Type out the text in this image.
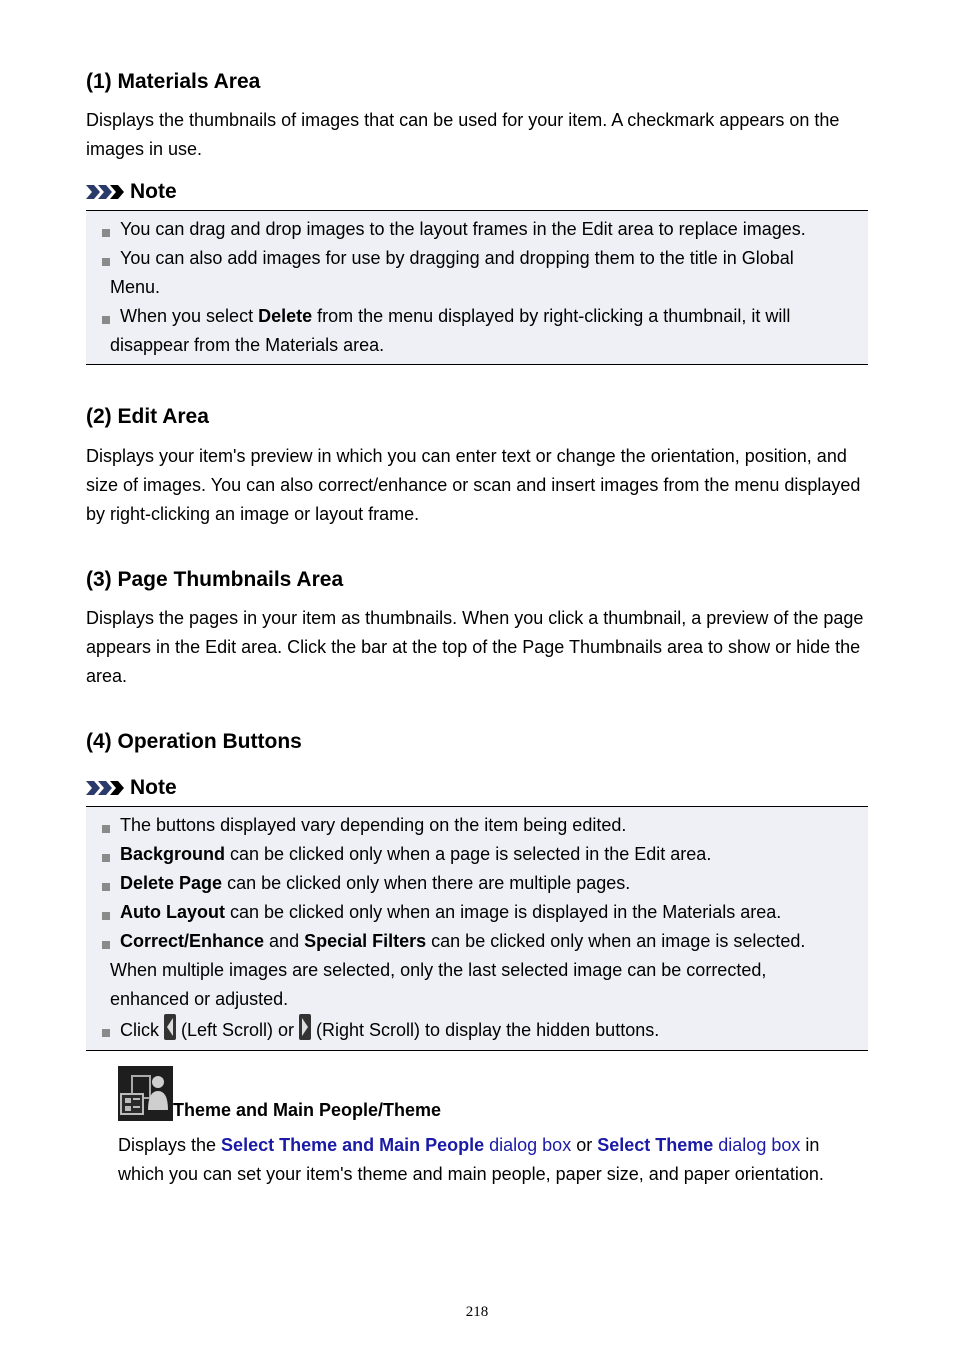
(1) Materials Area

Displays the thumbnails of images that can be used for your item. A checkmark appears on the images in use.

Note

You can drag and drop images to the layout frames in the Edit area to replace images.

You can also add images for use by dragging and dropping them to the title in Global
Menu.

When you select Delete from the menu displayed by right-clicking a thumbnail, it will
disappear from the Materials area.

(2) Edit Area

Displays your item's preview in which you can enter text or change the orientation, position, and size of images. You can also correct/enhance or scan and insert images from the menu displayed by right-clicking an image or layout frame.

(3) Page Thumbnails Area

Displays the pages in your item as thumbnails. When you click a thumbnail, a preview of the page appears in the Edit area. Click the bar at the top of the Page Thumbnails area to show or hide the area.

(4) Operation Buttons
Note

The buttons displayed vary depending on the item being edited.

Background can be clicked only when a page is selected in the Edit area.

Delete Page can be clicked only when there are multiple pages.

Auto Layout can be clicked only when an image is displayed in the Materials area.

Correct/Enhance and Special Filters can be clicked only when an image is selected.
When multiple images are selected, only the last selected image can be corrected,
enhanced or adjusted.

Click
(Left Scroll) or
(Right Scroll) to display the hidden buttons.

Theme and Main People/Theme

Displays the Select Theme and Main People dialog box or Select Theme dialog box in which you can set your item's theme and main people, paper size, and paper orientation.

218
